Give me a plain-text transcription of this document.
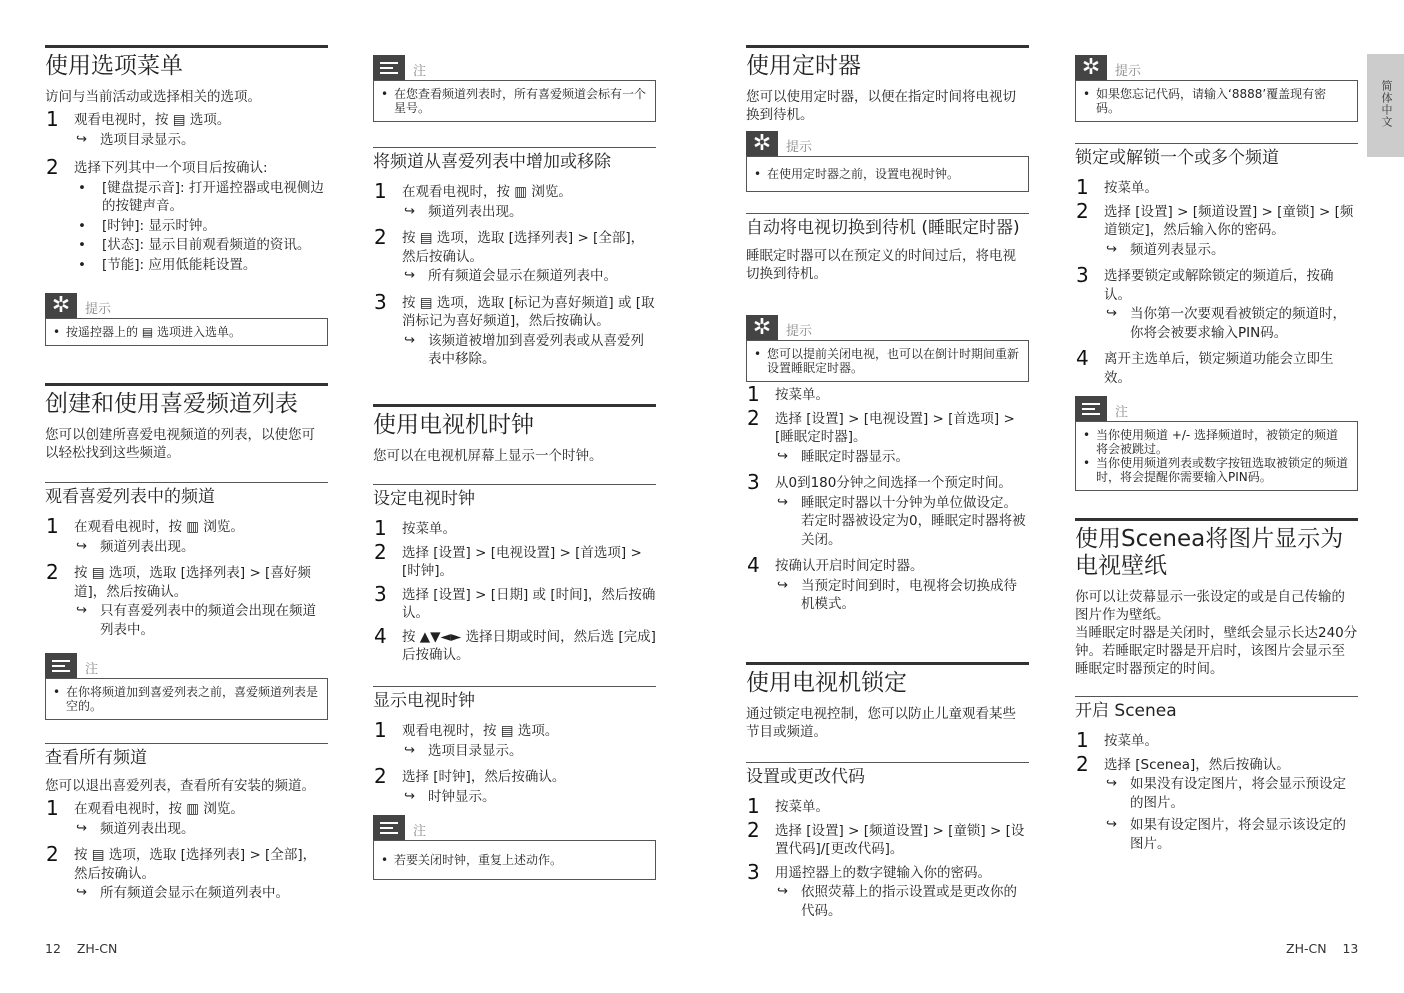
使用选项菜单
访问与当前活动或选择相关的选项。
1 观看电视时，按 ▤ 选项。
↪ 选项目录显示。
2 选择下列其中一个项目后按确认:
• [键盘提示音]: 打开遥控器或电视侧边的按键声音。
• [时钟]: 显示时钟。
• [状态]: 显示目前观看频道的资讯。
• [节能]: 应用低能耗设置。
✲	提示
• 按遥控器上的 ▤ 选项进入选单。
创建和使用喜爱频道列表
您可以创建所喜爱电视频道的列表，以使您可以轻松找到这些频道。
观看喜爱列表中的频道
1 在观看电视时，按 ▥ 浏览。
↪ 频道列表出现。
2 按 ▤ 选项，选取 [选择列表] > [喜好频道]，然后按确认。
↪ 只有喜爱列表中的频道会出现在频道列表中。
注
• 在你将频道加到喜爱列表之前，喜爱频道列表是空的。
查看所有频道
您可以退出喜爱列表，查看所有安装的频道。
1 在观看电视时，按 ▥ 浏览。
↪ 频道列表出现。
2 按 ▤ 选项，选取 [选择列表] > [全部]，然后按确认。
↪ 所有频道会显示在频道列表中。
注
• 在您查看频道列表时，所有喜爱频道会标有一个星号。
将频道从喜爱列表中增加或移除
1 在观看电视时，按 ▥ 浏览。
↪ 频道列表出现。
2 按 ▤ 选项，选取 [选择列表] > [全部]，然后按确认。
↪ 所有频道会显示在频道列表中。
3 按 ▤ 选项，选取 [标记为喜好频道] 或 [取消标记为喜好频道]，然后按确认。
↪ 该频道被增加到喜爱列表或从喜爱列表中移除。
使用电视机时钟
您可以在电视机屏幕上显示一个时钟。
设定电视时钟
1 按菜单。
2 选择 [设置] > [电视设置] > [首选项] > [时钟]。
3 选择 [设置] > [日期] 或 [时间]，然后按确认。
4 按 ▲▼◄► 选择日期或时间，然后选 [完成] 后按确认。
显示电视时钟
1 观看电视时，按 ▤ 选项。
↪ 选项目录显示。
2 选择 [时钟]，然后按确认。
↪ 时钟显示。
注
• 若要关闭时钟，重复上述动作。
使用定时器
您可以使用定时器，以便在指定时间将电视切换到待机。
✲	提示
• 在使用定时器之前，设置电视时钟。
自动将电视切换到待机 (睡眠定时器)
睡眠定时器可以在预定义的时间过后，将电视切换到待机。
✲	提示
• 您可以提前关闭电视，也可以在倒计时期间重新设置睡眠定时器。
1 按菜单。
2 选择 [设置] > [电视设置] > [首选项] > [睡眠定时器]。
↪ 睡眠定时器显示。
3 从0到180分钟之间选择一个预定时间。
↪ 睡眠定时器以十分钟为单位做设定。若定时器被设定为0，睡眠定时器将被关闭。
4 按确认开启时间定时器。
↪ 当预定时间到时，电视将会切换成待机模式。
使用电视机锁定
通过锁定电视控制，您可以防止儿童观看某些节目或频道。
设置或更改代码
1 按菜单。
2 选择 [设置] > [频道设置] > [童锁] > [设置代码]/[更改代码]。
3 用遥控器上的数字键输入你的密码。
↪ 依照荧幕上的指示设置或是更改你的代码。
✲	提示
• 如果您忘记代码，请输入‘8888’覆盖现有密码。
锁定或解锁一个或多个频道
1 按菜单。
2 选择 [设置] > [频道设置] > [童锁] > [频道锁定]，然后输入你的密码。
↪ 频道列表显示。
3 选择要锁定或解除锁定的频道后，按确认。
↪ 当你第一次要观看被锁定的频道时，你将会被要求输入PIN码。
4 离开主选单后，锁定频道功能会立即生效。
注
• 当你使用频道 +/- 选择频道时，被锁定的频道将会被跳过。
• 当你使用频道列表或数字按钮选取被锁定的频道时，将会提醒你需要输入PIN码。
使用Scenea将图片显示为电视壁纸
你可以让荧幕显示一张设定的或是自己传输的图片作为壁纸。
当睡眠定时器是关闭时，壁纸会显示长达240分钟。若睡眠定时器是开启时，该图片会显示至睡眠定时器预定的时间。
开启 Scenea
1 按菜单。
2 选择 [Scenea]，然后按确认。
↪ 如果没有设定图片，将会显示预设定的图片。
↪ 如果有设定图片，将会显示该设定的图片。
简体中文
12 ZH-CN	ZH-CN 13
